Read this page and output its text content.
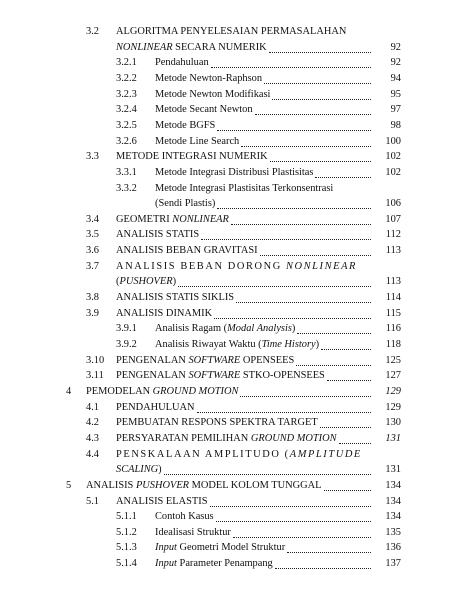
3.2 ALGORITMA PENYELESAIAN PERMASALAHAN
NONLINEAR SECARA NUMERIK	92
3.2.1 Pendahuluan	92
3.2.2 Metode Newton-Raphson	94
3.2.3 Metode Newton Modifikasi	95
3.2.4 Metode Secant Newton	97
3.2.5 Metode BGFS	98
3.2.6 Metode Line Search	100
3.3 METODE INTEGRASI NUMERIK	102
3.3.1 Metode Integrasi Distribusi Plastisitas	102
3.3.2 Metode Integrasi Plastisitas Terkonsentrasi
(Sendi Plastis)	106
3.4 GEOMETRI NONLINEAR	107
3.5 ANALISIS STATIS	112
3.6 ANALISIS BEBAN GRAVITASI	113
3.7 ANALISIS BEBAN DORONG NONLINEAR
(PUSHOVER)	113
3.8 ANALISIS STATIS SIKLIS	114
3.9 ANALISIS DINAMIK	115
3.9.1 Analisis Ragam (Modal Analysis)	116
3.9.2 Analisis Riwayat Waktu (Time History)	118
3.10 PENGENALAN SOFTWARE OPENSEES	125
3.11 PENGENALAN SOFTWARE STKO-OPENSEES	127
4 PEMODELAN GROUND MOTION	129
4.1 PENDAHULUAN	129
4.2 PEMBUATAN RESPONS SPEKTRA TARGET	130
4.3 PERSYARATAN PEMILIHAN GROUND MOTION	131
4.4 PENSKALAAN AMPLITUDO (AMPLITUDE
SCALING)	131
5 ANALISIS PUSHOVER MODEL KOLOM TUNGGAL	134
5.1 ANALISIS ELASTIS	134
5.1.1 Contoh Kasus	134
5.1.2 Idealisasi Struktur	135
5.1.3 Input Geometri Model Struktur	136
5.1.4 Input Parameter Penampang	137
